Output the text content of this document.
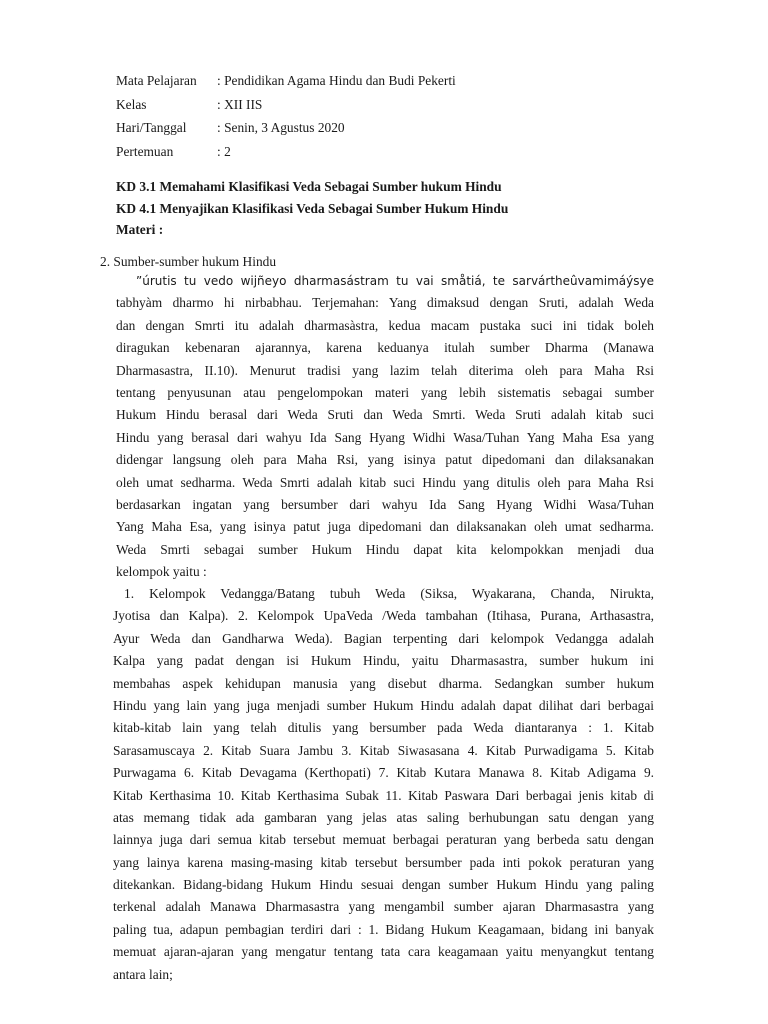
Mata Pelajaran : Pendidikan Agama Hindu dan Budi Pekerti
Kelas	: XII IIS
Hari/Tanggal : Senin, 3 Agustus 2020
Pertemuan	: 2
KD 3.1 Memahami Klasifikasi Veda Sebagai Sumber hukum Hindu
KD 4.1 Menyajikan Klasifikasi Veda Sebagai Sumber Hukum Hindu
Materi :
2. Sumber-sumber hukum Hindu
”úrutis tu vedo wijñeyo dharmasástram tu vai småtiá, te sarvártheûvamimáýsye
tabhyàm dharmo hi nirbabhau. Terjemahan: Yang dimaksud dengan Sruti, adalah Weda
dan dengan Smrti itu adalah dharmasàstra, kedua macam pustaka suci ini tidak boleh
diragukan kebenaran ajarannya, karena keduanya itulah sumber Dharma (Manawa
Dharmasastra, II.10). Menurut tradisi yang lazim telah diterima oleh para Maha Rsi
tentang penyusunan atau pengelompokan materi yang lebih sistematis sebagai sumber
Hukum Hindu berasal dari Weda Sruti dan Weda Smrti. Weda Sruti adalah kitab suci
Hindu yang berasal dari wahyu Ida Sang Hyang Widhi Wasa/Tuhan Yang Maha Esa yang
didengar langsung oleh para Maha Rsi, yang isinya patut dipedomani dan dilaksanakan
oleh umat sedharma. Weda Smrti adalah kitab suci Hindu yang ditulis oleh para Maha Rsi
berdasarkan ingatan yang bersumber dari wahyu Ida Sang Hyang Widhi Wasa/Tuhan
Yang Maha Esa, yang isinya patut juga dipedomani dan dilaksanakan oleh umat sedharma.
Weda Smrti sebagai sumber Hukum Hindu dapat kita kelompokkan menjadi dua
kelompok yaitu :
1. Kelompok Vedangga/Batang tubuh Weda (Siksa, Wyakarana, Chanda, Nirukta,
Jyotisa dan Kalpa). 2. Kelompok UpaVeda /Weda tambahan (Itihasa, Purana, Arthasastra,
Ayur Weda dan Gandharwa Weda). Bagian terpenting dari kelompok Vedangga adalah
Kalpa yang padat dengan isi Hukum Hindu, yaitu Dharmasastra, sumber hukum ini
membahas aspek kehidupan manusia yang disebut dharma. Sedangkan sumber hukum
Hindu yang lain yang juga menjadi sumber Hukum Hindu adalah dapat dilihat dari berbagai
kitab-kitab lain yang telah ditulis yang bersumber pada Weda diantaranya : 1. Kitab
Sarasamuscaya 2. Kitab Suara Jambu 3. Kitab Siwasasana 4. Kitab Purwadigama 5. Kitab
Purwagama 6. Kitab Devagama (Kerthopati) 7. Kitab Kutara Manawa 8. Kitab Adigama 9.
Kitab Kerthasima 10. Kitab Kerthasima Subak 11. Kitab Paswara Dari berbagai jenis kitab di
atas memang tidak ada gambaran yang jelas atas saling berhubungan satu dengan yang
lainnya juga dari semua kitab tersebut memuat berbagai peraturan yang berbeda satu dengan
yang lainya karena masing-masing kitab tersebut bersumber pada inti pokok peraturan yang
ditekankan. Bidang-bidang Hukum Hindu sesuai dengan sumber Hukum Hindu yang paling
terkenal adalah Manawa Dharmasastra yang mengambil sumber ajaran Dharmasastra yang
paling tua, adapun pembagian terdiri dari : 1. Bidang Hukum Keagamaan, bidang ini banyak
memuat ajaran-ajaran yang mengatur tentang tata cara keagamaan yaitu menyangkut tentang
antara lain;
